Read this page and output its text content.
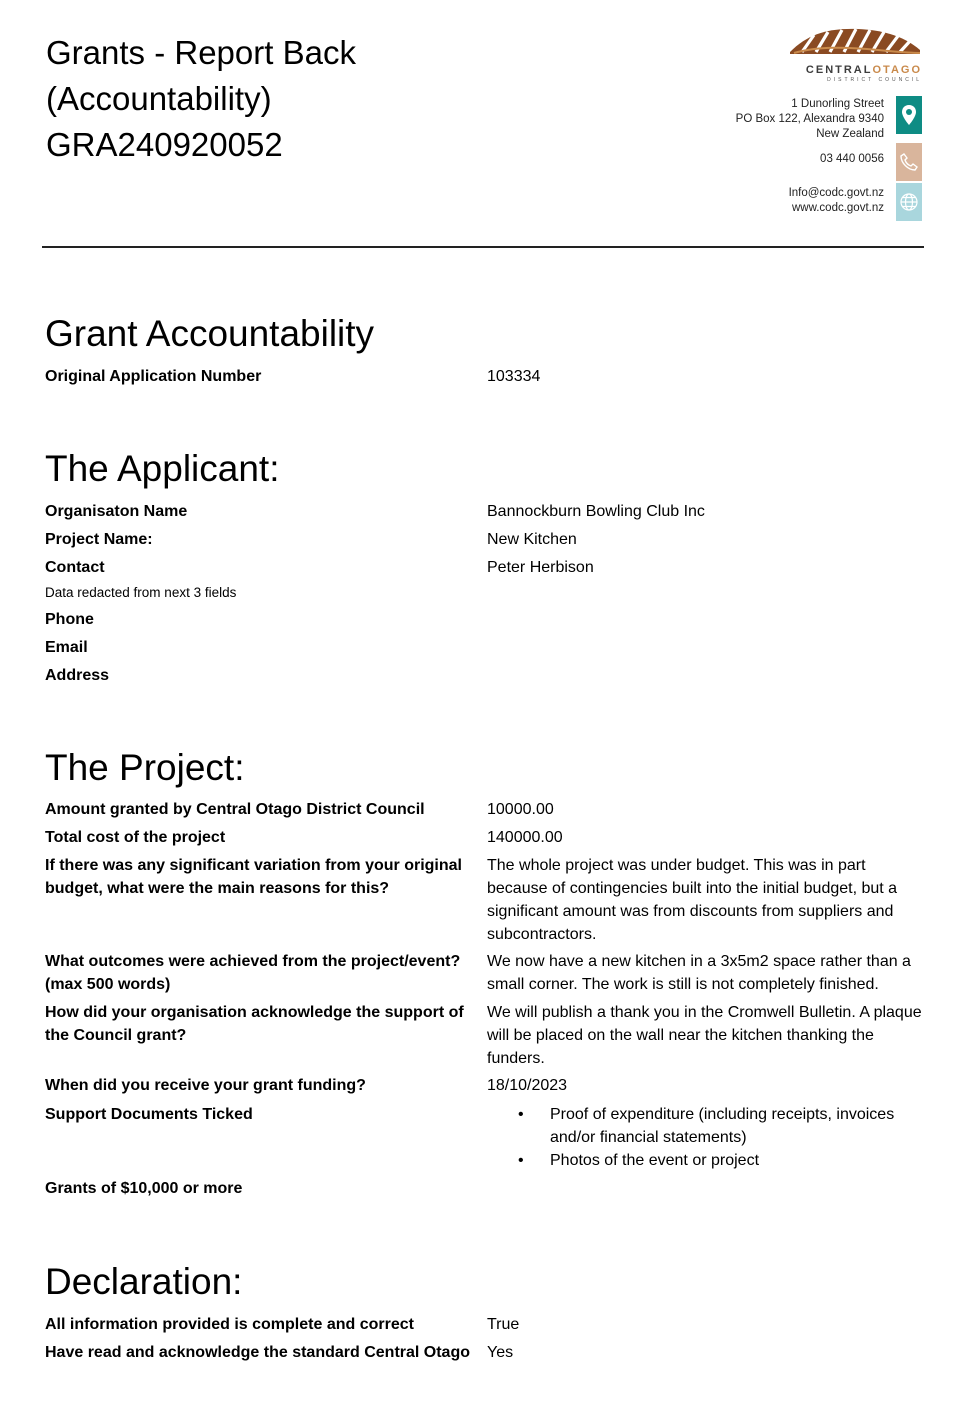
Grants - Report Back
(Accountability)
GRA240920052
CENTRALOTAGO
DISTRICT COUNCIL
1 Dunorling Street
PO Box 122, Alexandra 9340
New Zealand
03 440 0056
Info@codc.govt.nz
www.codc.govt.nz
Grant Accountability
Original Application Number	103334
The Applicant:
Organisaton Name	Bannockburn Bowling Club Inc
Project Name:	New Kitchen
Contact	Peter Herbison
Data redacted from next 3 fields
Phone
Email
Address
The Project:
Amount granted by Central Otago District Council	10000.00
Total cost of the project	140000.00
If there was any significant variation from your original budget, what were the main reasons for this?
The whole project was under budget. This was in part because of contingencies built into the initial budget, but a significant amount was from discounts from suppliers and subcontractors.
What outcomes were achieved from the project/event? (max 500 words)
We now have a new kitchen in a 3x5m2 space rather than a small corner. The work is still is not completely finished.
How did your organisation acknowledge the support of the Council grant?
We will publish a thank you in the Cromwell Bulletin. A plaque will be placed on the wall near the kitchen thanking the funders.
When did you receive your grant funding?	18/10/2023
Support Documents Ticked
•	Proof of expenditure (including receipts, invoices and/or financial statements)
• Photos of the event or project
Grants of $10,000 or more
Declaration:
All information provided is complete and correct	True
Have read and acknowledge the standard Central Otago	Yes
